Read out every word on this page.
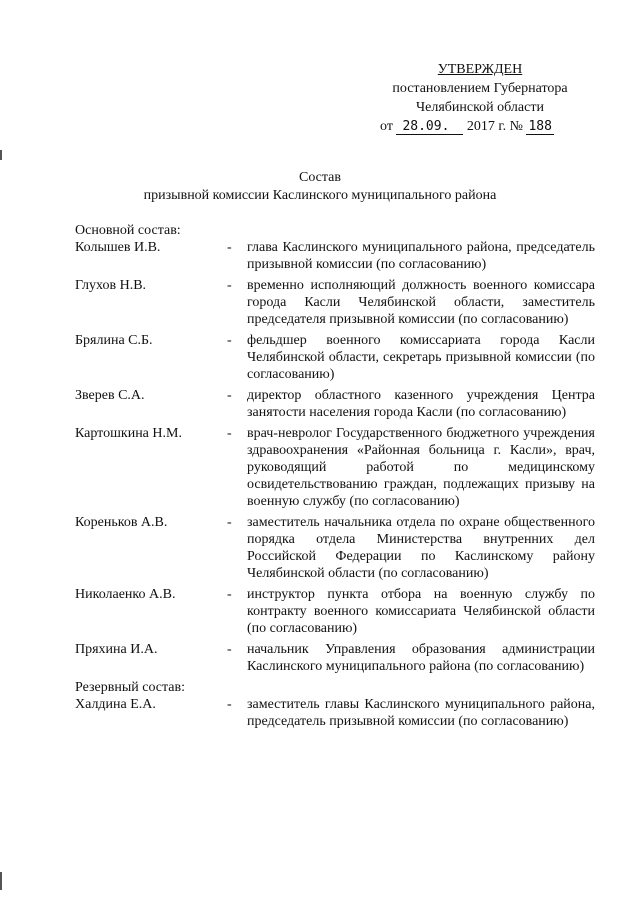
УТВЕРЖДЕН
постановлением Губернатора
Челябинской области
от 28.09. 2017 г. № 188
Состав
призывной комиссии Каслинского муниципального района
Основной состав:
Колышев И.В.	-	глава Каслинского муниципального района, председатель призывной комиссии (по согласованию)
Глухов Н.В.	-	временно исполняющий должность военного комиссара города Касли Челябинской области, заместитель председателя призывной комиссии (по согласованию)
Брялина С.Б.	-	фельдшер военного комиссариата города Касли Челябинской области, секретарь призывной комиссии (по согласованию)
Зверев С.А.	-	директор областного казенного учреждения Центра занятости населения города Касли (по согласованию)
Картошкина Н.М.	-	врач-невролог Государственного бюджетного учреждения здравоохранения «Районная больница г. Касли», врач, руководящий работой по медицинскому освидетельствованию граждан, подлежащих призыву на военную службу (по согласованию)
Кореньков А.В.	-	заместитель начальника отдела по охране общественного порядка отдела Министерства внутренних дел Российской Федерации по Каслинскому району Челябинской области (по согласованию)
Николаенко А.В.	-	инструктор пункта отбора на военную службу по контракту военного комиссариата Челябинской области (по согласованию)
Пряхина И.А.	-	начальник Управления образования администрации Каслинского муниципального района (по согласованию)
Резервный состав:
Халдина Е.А.	-	заместитель главы Каслинского муниципального района, председатель призывной комиссии (по согласованию)
